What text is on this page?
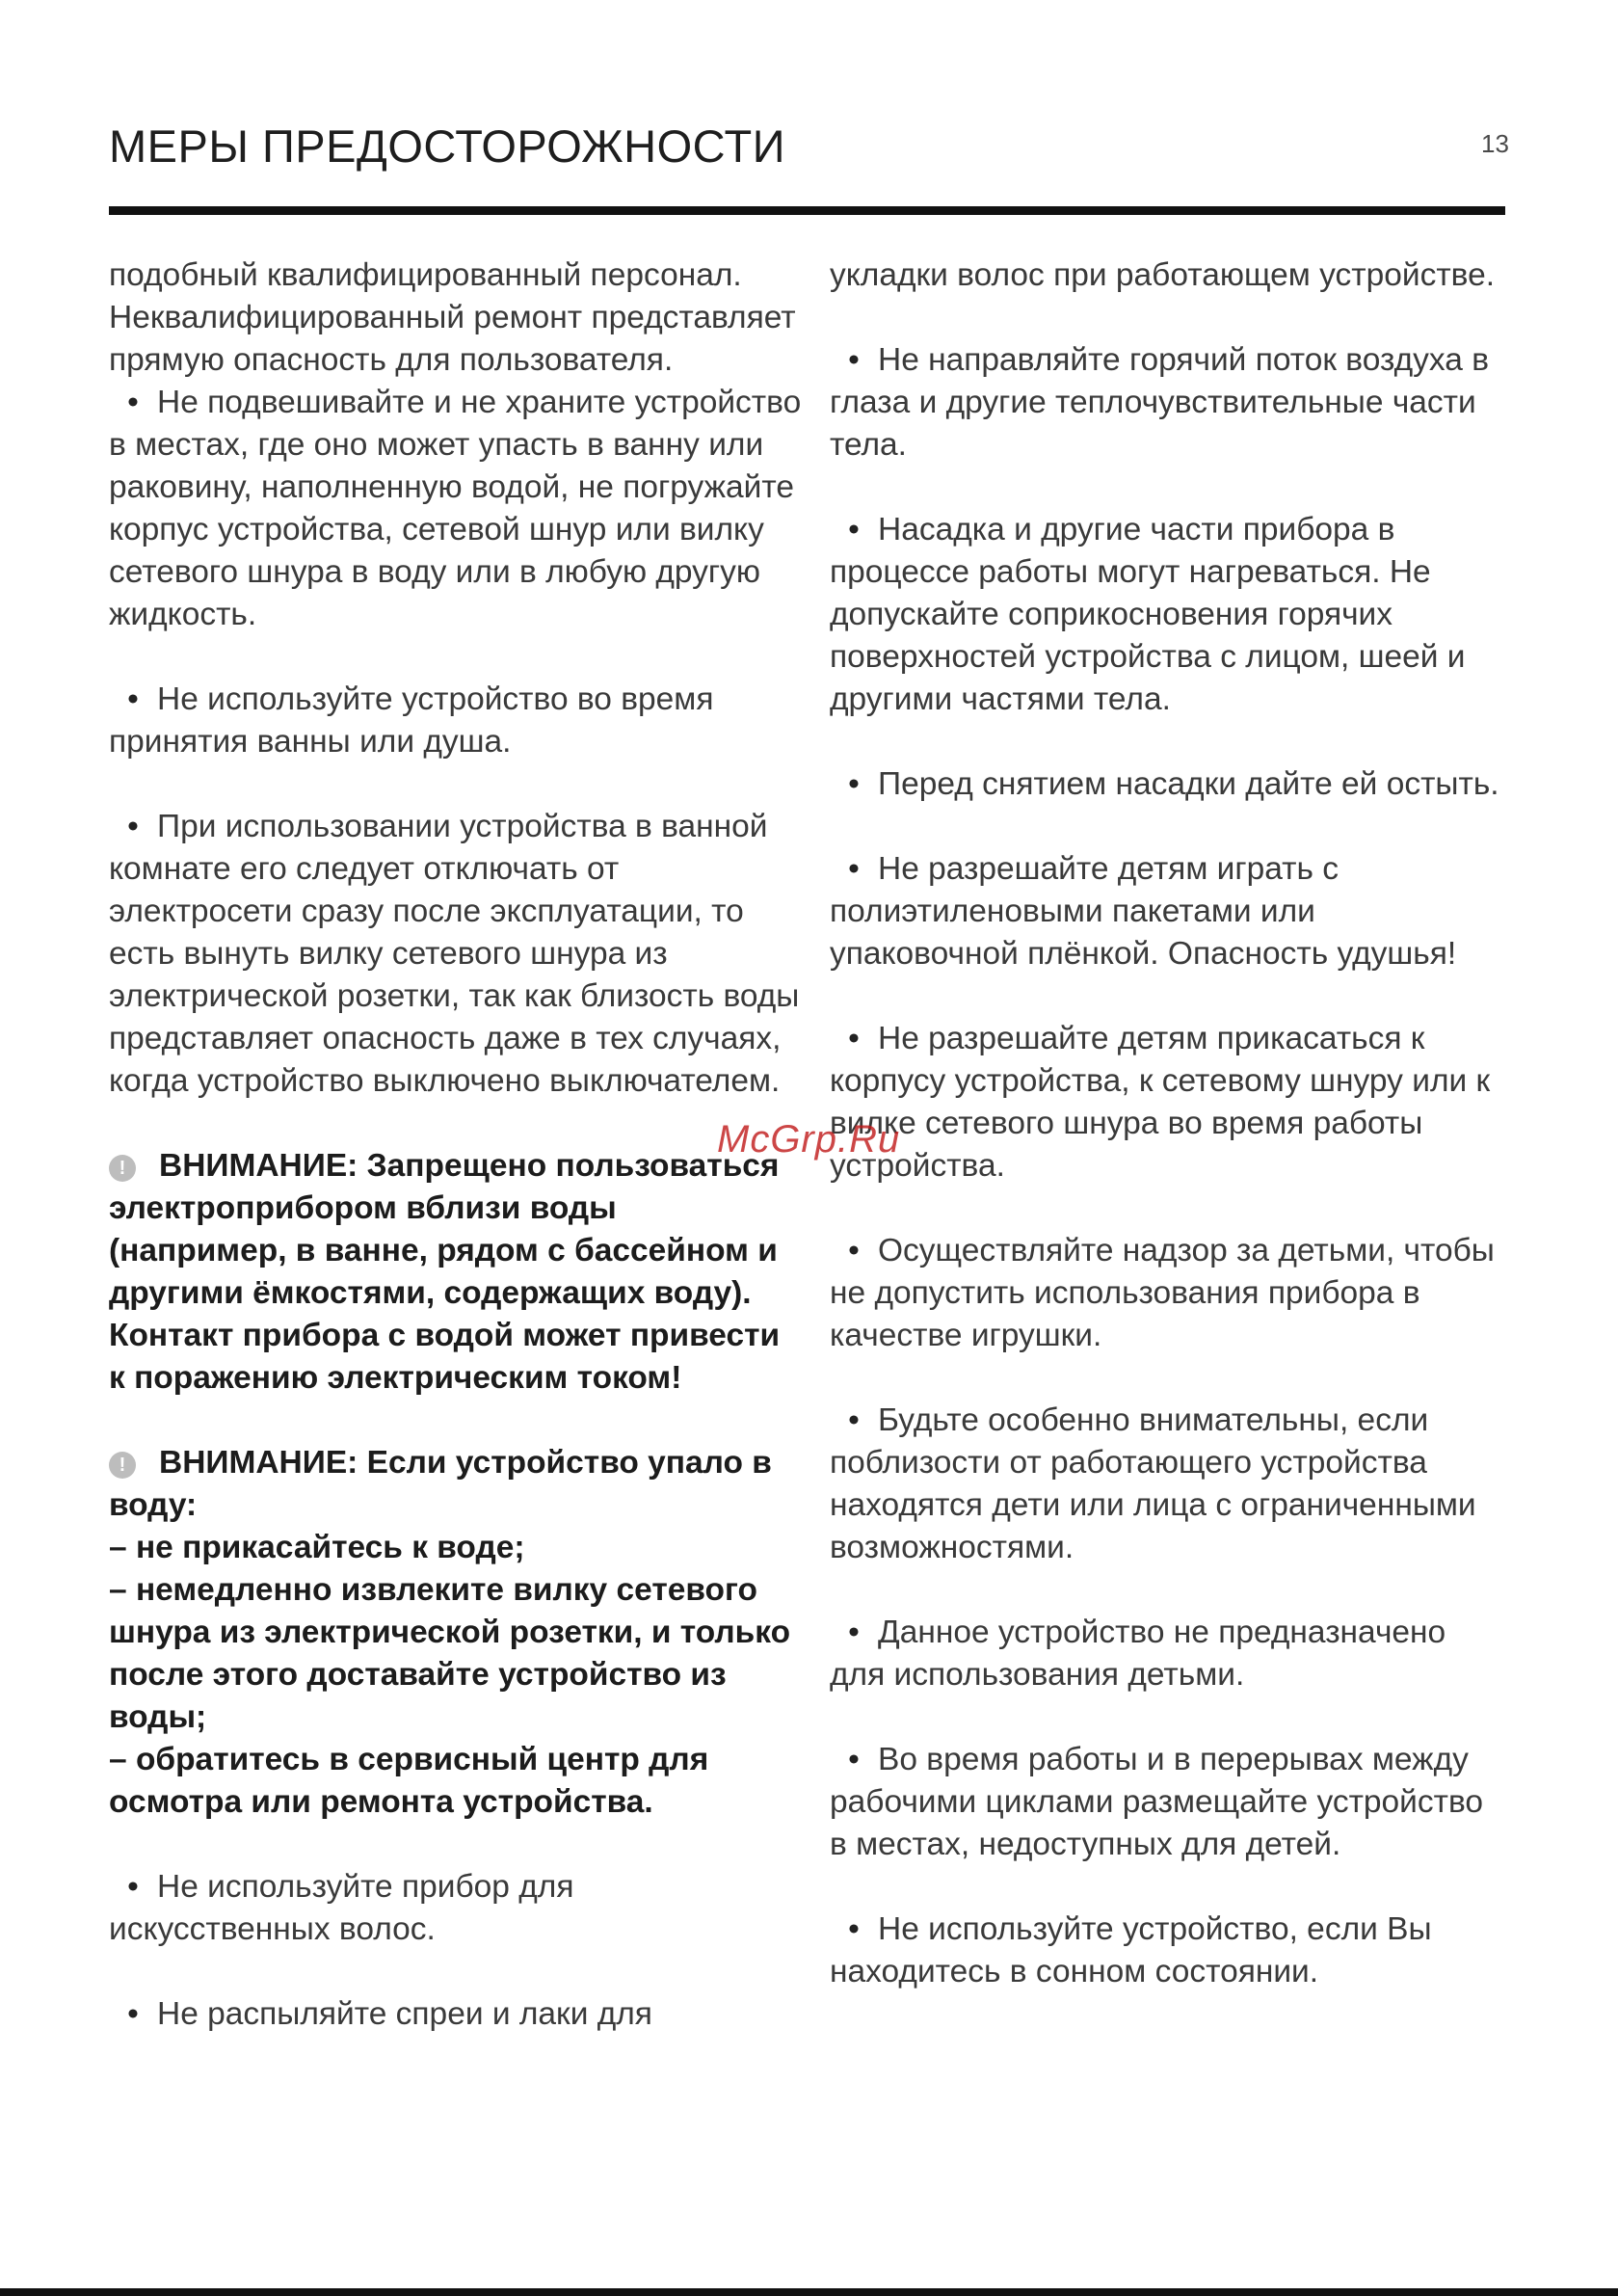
МЕРЫ ПРЕДОСТОРОЖНОСТИ	13

подобный квалифицированный персонал. Неквалифицированный ремонт представляет прямую опасность для пользователя.

• Не подвешивайте и не храните устройство в местах, где оно может упасть в ванну или раковину, наполненную водой, не погружайте корпус устройства, сетевой шнур или вилку сетевого шнура в воду или в любую другую жидкость.

• Не используйте устройство во время принятия ванны или душа.

• При использовании устройства в ванной комнате его следует отключать от электросети сразу после эксплуатации, то есть вынуть вилку сетевого шнура из электрической розетки, так как близость воды представляет опасность даже в тех случаях, когда устройство выключено выключателем.

! ВНИМАНИЕ: Запрещено пользоваться электроприбором вблизи воды (например, в ванне, рядом с бассейном и другими ёмкостями, содержащих воду). Контакт прибора с водой может привести к поражению электрическим током!

! ВНИМАНИЕ: Если устройство упало в воду:
– не прикасайтесь к воде;
– немедленно извлеките вилку сетевого шнура из электрической розетки, и только после этого доставайте устройство из воды;
– обратитесь в сервисный центр для осмотра или ремонта устройства.

• Не используйте прибор для искусственных волос.

• Не распыляйте спреи и лаки для

укладки волос при работающем устройстве.

• Не направляйте горячий поток воздуха в глаза и другие теплочувствительные части тела.

• Насадка и другие части прибора в процессе работы могут нагреваться. Не допускайте соприкосновения горячих поверхностей устройства с лицом, шеей и другими частями тела.

• Перед снятием насадки дайте ей остыть.

• Не разрешайте детям играть с полиэтиленовыми пакетами или упаковочной плёнкой. Опасность удушья!

• Не разрешайте детям прикасаться к корпусу устройства, к сетевому шнуру или к вилке сетевого шнура во время работы устройства.

• Осуществляйте надзор за детьми, чтобы не допустить использования прибора в качестве игрушки.

• Будьте особенно внимательны, если поблизости от работающего устройства находятся дети или лица с ограниченными возможностями.

• Данное устройство не предназначено для использования детьми.

• Во время работы и в перерывах между рабочими циклами размещайте устройство в местах, недоступных для детей.

• Не используйте устройство, если Вы находитесь в сонном состоянии.

McGrp.Ru
